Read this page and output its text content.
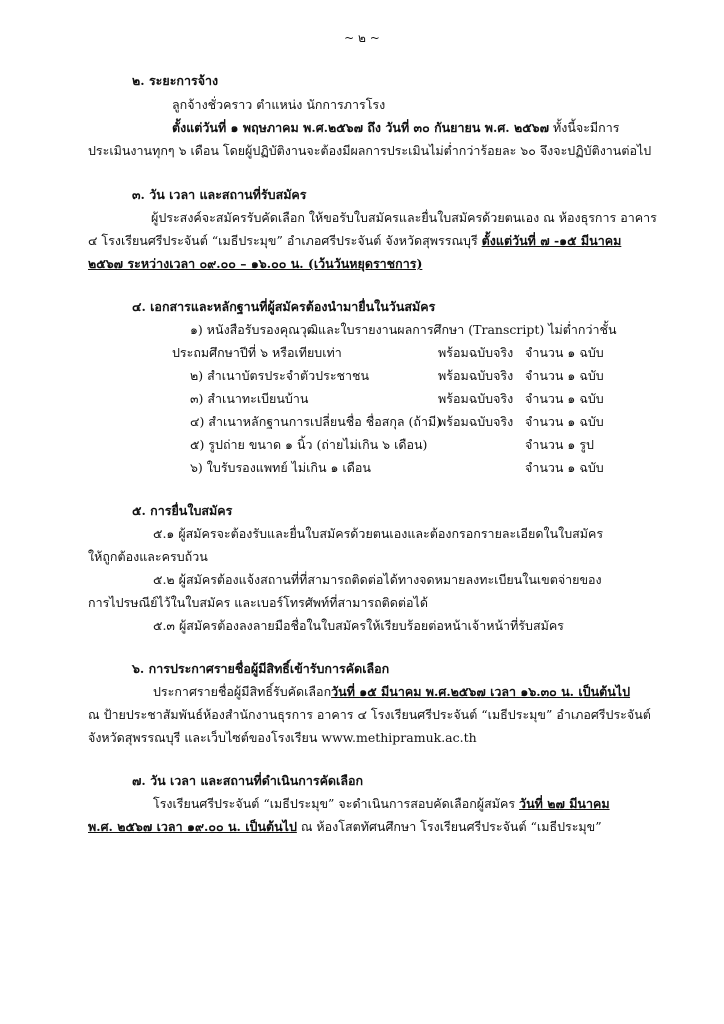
~ ๒ ~
๒. ระยะการจ้าง
ลูกจ้างชั่วคราว ตำแหน่ง นักการภารโรง
ตั้งแต่วันที่ ๑ พฤษภาคม พ.ศ.๒๕๖๗ ถึง วันที่ ๓๐ กันยายน พ.ศ. ๒๕๖๗ ทั้งนี้จะมีการ
ประเมินงานทุกๆ ๖ เดือน โดยผู้ปฏิบัติงานจะต้องมีผลการประเมินไม่ต่ำกว่าร้อยละ ๖๐ จึงจะปฏิบัติงานต่อไป
๓. วัน เวลา และสถานที่รับสมัคร
ผู้ประสงค์จะสมัครรับคัดเลือก ให้ขอรับใบสมัครและยื่นใบสมัครด้วยตนเอง ณ ห้องธุรการ อาคาร
๔ โรงเรียนศรีประจันต์ “เมธีประมุข” อำเภอศรีประจันต์ จังหวัดสุพรรณบุรี ตั้งแต่วันที่ ๗ -๑๕ มีนาคม
๒๕๖๗ ระหว่างเวลา ๐๙.๐๐ – ๑๖.๐๐ น. (เว้นวันหยุดราชการ)
๔. เอกสารและหลักฐานที่ผู้สมัครต้องนำมายื่นในวันสมัคร
๑) หนังสือรับรองคุณวุฒิและใบรายงานผลการศึกษา (Transcript) ไม่ต่ำกว่าชั้น
ประถมศึกษาปีที่ ๖ หรือเทียบเท่า	พร้อมฉบับจริง จำนวน ๑ ฉบับ
๒) สำเนาบัตรประจำตัวประชาชน	พร้อมฉบับจริง จำนวน ๑ ฉบับ
๓) สำเนาทะเบียนบ้าน	พร้อมฉบับจริง จำนวน ๑ ฉบับ
๔) สำเนาหลักฐานการเปลี่ยนชื่อ ชื่อสกุล (ถ้ามี)
พร้อมฉบับจริง จำนวน ๑ ฉบับ
๕) รูปถ่าย ขนาด ๑ นิ้ว (ถ่ายไม่เกิน ๖ เดือน)	จำนวน ๑ รูป
๖) ใบรับรองแพทย์ ไม่เกิน ๑ เดือน	จำนวน ๑ ฉบับ
๕. การยื่นใบสมัคร
๕.๑ ผู้สมัครจะต้องรับและยื่นใบสมัครด้วยตนเองและต้องกรอกรายละเอียดในใบสมัคร
ให้ถูกต้องและครบถ้วน
๕.๒ ผู้สมัครต้องแจ้งสถานที่ที่สามารถติดต่อได้ทางจดหมายลงทะเบียนในเขตจ่ายของ
การไปรษณีย์ไว้ในใบสมัคร และเบอร์โทรศัพท์ที่สามารถติดต่อได้
๕.๓ ผู้สมัครต้องลงลายมือชื่อในใบสมัครให้เรียบร้อยต่อหน้าเจ้าหน้าที่รับสมัคร
๖. การประกาศรายชื่อผู้มีสิทธิ์เข้ารับการคัดเลือก
ประกาศรายชื่อผู้มีสิทธิ์รับคัดเลือกวันที่ ๑๕ มีนาคม พ.ศ.๒๕๖๗ เวลา ๑๖.๓๐ น. เป็นต้นไป
ณ ป้ายประชาสัมพันธ์ห้องสำนักงานธุรการ อาคาร ๔ โรงเรียนศรีประจันต์ “เมธีประมุข” อำเภอศรีประจันต์
จังหวัดสุพรรณบุรี และเว็บไซต์ของโรงเรียน www.methipramuk.ac.th
๗. วัน เวลา และสถานที่ดำเนินการคัดเลือก
โรงเรียนศรีประจันต์ “เมธีประมุข” จะดำเนินการสอบคัดเลือกผู้สมัคร วันที่ ๒๗ มีนาคม
พ.ศ. ๒๕๖๗ เวลา ๑๙.๐๐ น. เป็นต้นไป ณ ห้องโสตทัศนศึกษา โรงเรียนศรีประจันต์ “เมธีประมุข”
